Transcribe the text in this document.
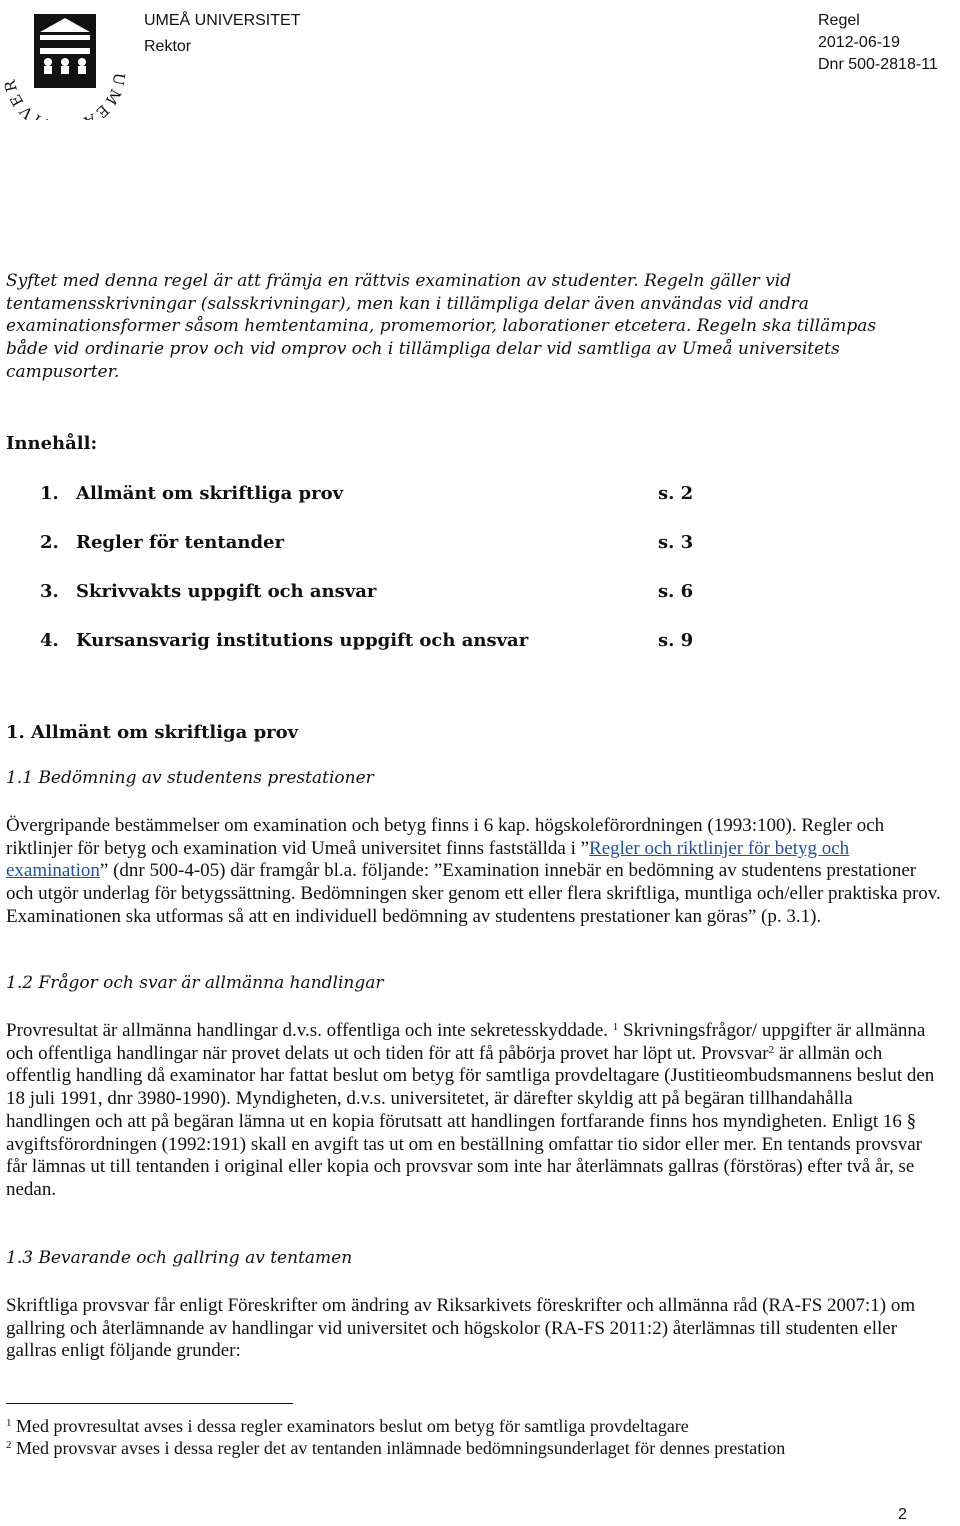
UME IVER
UMEÅ UNIVERSITET
Rektor
Regel
2012-06-19
Dnr 500-2818-11
Syftet med denna regel är att främja en rättvis examination av studenter. Regeln gäller vid tentamensskrivningar (salsskrivningar), men kan i tillämpliga delar även användas vid andra examinationsformer såsom hemtentamina, promemorior, laborationer etcetera. Regeln ska tillämpas både vid ordinarie prov och vid omprov och i tillämpliga delar vid samtliga av Umeå universitets campusorter.
Innehåll:
1. Allmänt om skriftliga prov	s. 2
2. Regler för tentander	s. 3
3. Skrivvakts uppgift och ansvar	s. 6
4. Kursansvarig institutions uppgift och ansvar	s. 9
1. Allmänt om skriftliga prov
1.1 Bedömning av studentens prestationer
Övergripande bestämmelser om examination och betyg finns i 6 kap. högskoleförordningen (1993:100). Regler och riktlinjer för betyg och examination vid Umeå universitet finns fastställda i ”Regler och riktlinjer för betyg och examination” (dnr 500-4-05) där framgår bl.a. följande: ”Examination innebär en bedömning av studentens prestationer och utgör underlag för betygssättning. Bedömningen sker genom ett eller flera skriftliga, muntliga och/eller praktiska prov. Examinationen ska utformas så att en individuell bedömning av studentens prestationer kan göras” (p. 3.1).
1.2 Frågor och svar är allmänna handlingar
Provresultat är allmänna handlingar d.v.s. offentliga och inte sekretesskyddade. $^1$ Skrivningsfrågor/ uppgifter är allmänna och offentliga handlingar när provet delats ut och tiden för att få påbörja provet har löpt ut. Provsvar$^2$ är allmän och offentlig handling då examinator har fattat beslut om betyg för samtliga provdeltagare (Justitieombudsmannens beslut den 18 juli 1991, dnr 3980-1990). Myndigheten, d.v.s. universitetet, är därefter skyldig att på begäran tillhandahålla handlingen och att på begäran lämna ut en kopia förutsatt att handlingen fortfarande finns hos myndigheten. Enligt 16 § avgiftsförordningen (1992:191) skall en avgift tas ut om en beställning omfattar tio sidor eller mer. En tentands provsvar får lämnas ut till tentanden i original eller kopia och provsvar som inte har återlämnats gallras (förstöras) efter två år, se nedan.
1.3 Bevarande och gallring av tentamen
Skriftliga provsvar får enligt Föreskrifter om ändring av Riksarkivets föreskrifter och allmänna råd (RA-FS 2007:1) om gallring och återlämnande av handlingar vid universitet och högskolor (RA-FS 2011:2) återlämnas till studenten eller gallras enligt följande grunder:
$^1$ Med provresultat avses i dessa regler examinators beslut om betyg för samtliga provdeltagare
$^2$ Med provsvar avses i dessa regler det av tentanden inlämnade bedömningsunderlaget för dennes prestation
2
